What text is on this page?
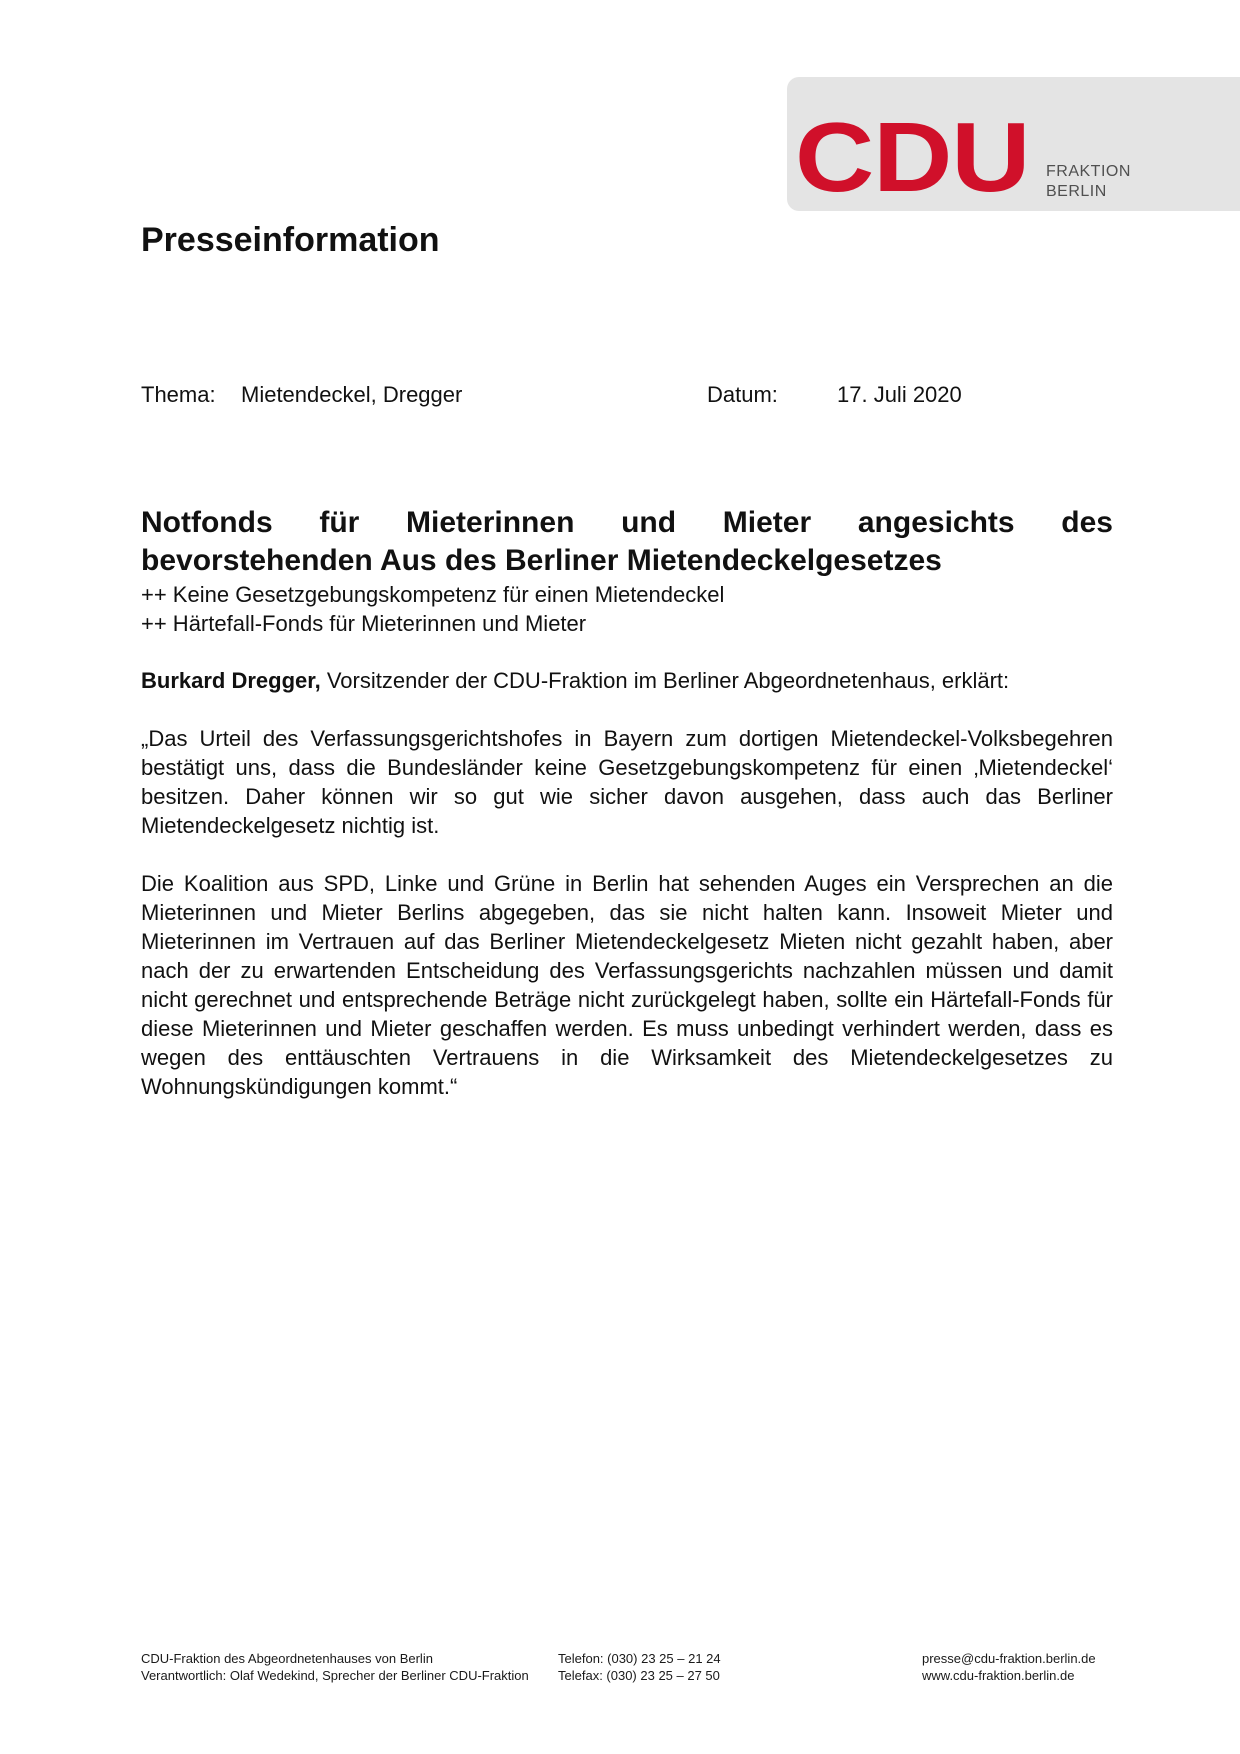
CDU FRAKTION
BERLIN
Presseinformation
Thema: Mietendeckel, Dregger	Datum:	17. Juli 2020
Notfonds für Mieterinnen und Mieter angesichts des bevorstehenden Aus des Berliner Mietendeckelgesetzes
++ Keine Gesetzgebungskompetenz für einen Mietendeckel
++ Härtefall-Fonds für Mieterinnen und Mieter

Burkard Dregger, Vorsitzender der CDU-Fraktion im Berliner Abgeordnetenhaus, erklärt:

„Das Urteil des Verfassungsgerichtshofes in Bayern zum dortigen Mietendeckel-Volksbegehren bestätigt uns, dass die Bundesländer keine Gesetzgebungskompetenz für einen ‚Mietendeckel‘ besitzen. Daher können wir so gut wie sicher davon ausgehen, dass auch das Berliner Mietendeckelgesetz nichtig ist.

Die Koalition aus SPD, Linke und Grüne in Berlin hat sehenden Auges ein Versprechen an die Mieterinnen und Mieter Berlins abgegeben, das sie nicht halten kann. Insoweit Mieter und Mieterinnen im Vertrauen auf das Berliner Mietendeckelgesetz Mieten nicht gezahlt haben, aber nach der zu erwartenden Entscheidung des Verfassungsgerichts nachzahlen müssen und damit nicht gerechnet und entsprechende Beträge nicht zurückgelegt haben, sollte ein Härtefall-Fonds für diese Mieterinnen und Mieter geschaffen werden. Es muss unbedingt verhindert werden, dass es wegen des enttäuschten Vertrauens in die Wirksamkeit des Mietendeckelgesetzes zu Wohnungskündigungen kommt.“

CDU-Fraktion des Abgeordnetenhauses von Berlin
Verantwortlich: Olaf Wedekind, Sprecher der Berliner CDU-Fraktion
Telefon: (030) 23 25 – 21 24
Telefax: (030) 23 25 – 27 50
presse@cdu-fraktion.berlin.de
www.cdu-fraktion.berlin.de
